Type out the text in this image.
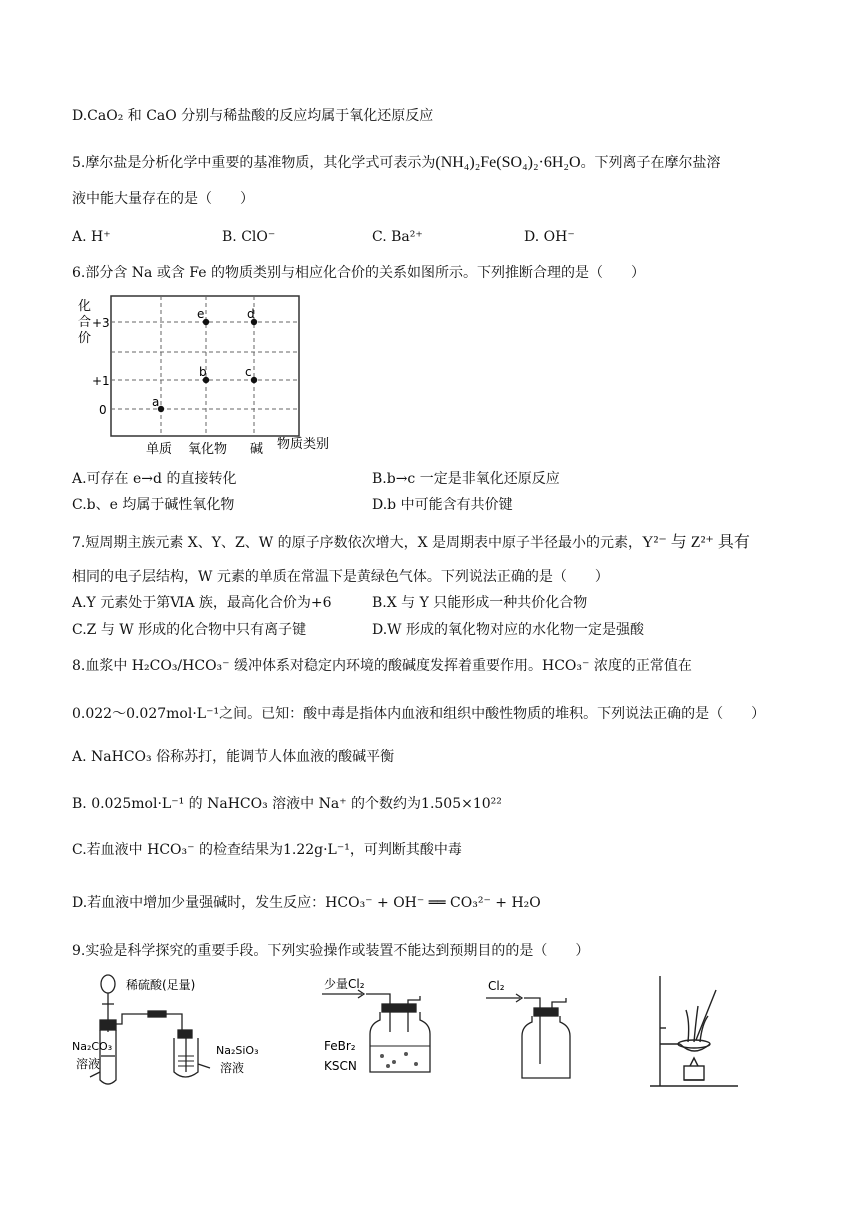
D.CaO₂ 和 CaO 分别与稀盐酸的反应均属于氧化还原反应
5.摩尔盐是分析化学中重要的基准物质，其化学式可表示为(NH₄)₂Fe(SO₄)₂·6H₂O。下列离子在摩尔盐溶
液中能大量存在的是（　　）
A. H⁺	B. ClO⁻	C. Ba²⁺	D. OH⁻
6.部分含 Na 或含 Fe 的物质类别与相应化合价的关系如图所示。下列推断合理的是（　　）
化
合
价
+3
+1
0
单质 氧化物 碱 物质类别
a
b	c
d
e
A.可存在 e→d 的直接转化	B.b→c 一定是非氧化还原反应
C.b、e 均属于碱性氧化物	D.b 中可能含有共价键
7.短周期主族元素 X、Y、Z、W 的原子序数依次增大，X 是周期表中原子半径最小的元素，Y²⁻ 与 Z²⁺ 具有
相同的电子层结构，W 元素的单质在常温下是黄绿色气体。下列说法正确的是（　　）
A.Y 元素处于第ⅥA 族，最高化合价为+6	B.X 与 Y 只能形成一种共价化合物
C.Z 与 W 形成的化合物中只有离子键	D.W 形成的氧化物对应的水化物一定是强酸
8.血浆中 H₂CO₃/HCO₃⁻ 缓冲体系对稳定内环境的酸碱度发挥着重要作用。HCO₃⁻ 浓度的正常值在
0.022～0.027mol·L⁻¹之间。已知：酸中毒是指体内血液和组织中酸性物质的堆积。下列说法正确的是（　　）
A. NaHCO₃ 俗称苏打，能调节人体血液的酸碱平衡
B. 0.025mol·L⁻¹ 的 NaHCO₃ 溶液中 Na⁺ 的个数约为1.505×10²²
C.若血液中 HCO₃⁻ 的检查结果为1.22g·L⁻¹，可判断其酸中毒
D.若血液中增加少量强碱时，发生反应：HCO₃⁻ + OH⁻ ══ CO₃²⁻ + H₂O
9.实验是科学探究的重要手段。下列实验操作或装置不能达到预期目的的是（　　）
稀硫酸(足量)
Na₂CO₃
溶液
Na₂SiO₃
溶液
少量Cl₂
FeBr₂
KSCN
Cl₂
